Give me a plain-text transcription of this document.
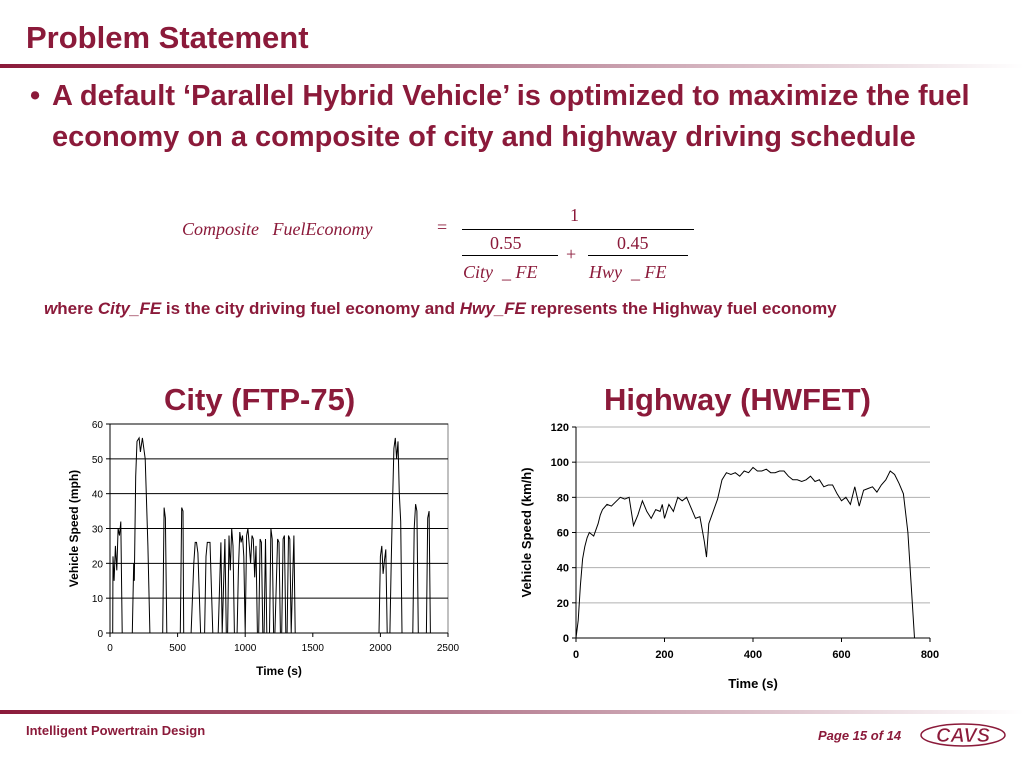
Problem Statement
• A default ‘Parallel Hybrid Vehicle’ is optimized to maximize the fuel economy on a composite of city and highway driving schedule
Composite   FuelEconomy	=
1
0.55
City  _ FE
+
0.45
Hwy  _ FE
where City_FE is the city driving fuel economy and Hwy_FE represents the Highway fuel economy
City (FTP-75)	Highway (HWFET)
0
10
20
30
40
50
60
0	500	1000	1500	2000	2500
Time (s)
Vehicle Speed (mph)
0
20
40
60
80
100
120
0	200	400	600	800
Time (s)
Vehicle Speed (km/h)
Intelligent Powertrain Design	Page 15 of 14 CAVS
